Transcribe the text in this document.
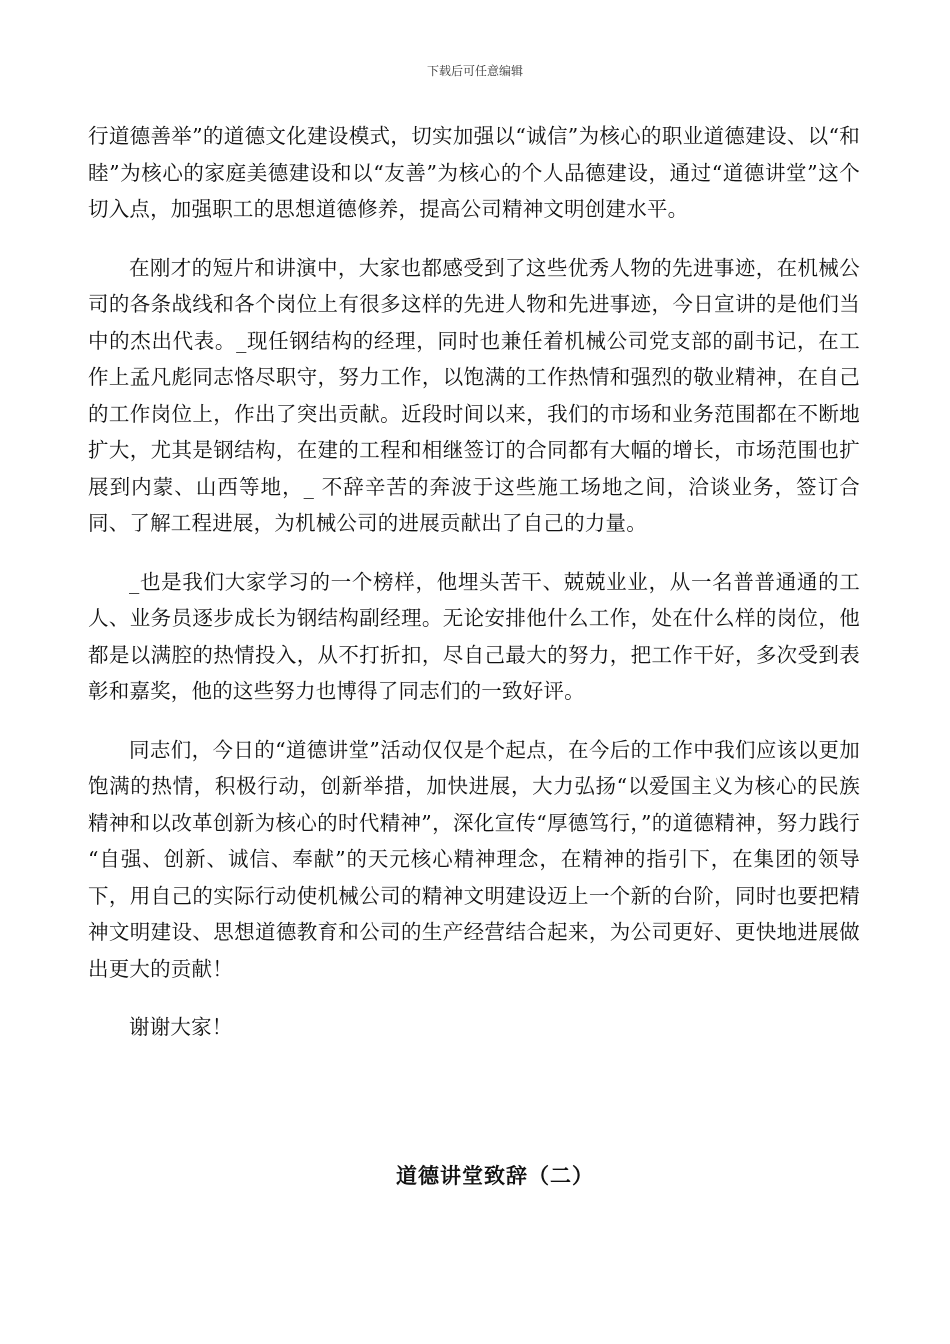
下载后可任意编辑

行道德善举”的道德文化建设模式，切实加强以“诚信”为核心的职业道德建设、以“和睦”为核心的家庭美德建设和以“友善”为核心的个人品德建设，通过“道德讲堂”这个切入点，加强职工的思想道德修养，提高公司精神文明创建水平。

在刚才的短片和讲演中，大家也都感受到了这些优秀人物的先进事迹，在机械公司的各条战线和各个岗位上有很多这样的先进人物和先进事迹，今日宣讲的是他们当中的杰出代表。_现任钢结构的经理，同时也兼任着机械公司党支部的副书记，在工作上孟凡彪同志恪尽职守，努力工作，以饱满的工作热情和强烈的敬业精神，在自己的工作岗位上，作出了突出贡献。近段时间以来，我们的市场和业务范围都在不断地扩大，尤其是钢结构，在建的工程和相继签订的合同都有大幅的增长，市场范围也扩展到内蒙、山西等地，_ 不辞辛苦的奔波于这些施工场地之间，洽谈业务，签订合同、了解工程进展，为机械公司的进展贡献出了自己的力量。

_也是我们大家学习的一个榜样，他埋头苦干、兢兢业业，从一名普普通通的工人、业务员逐步成长为钢结构副经理。无论安排他什么工作，处在什么样的岗位，他都是以满腔的热情投入，从不打折扣，尽自己最大的努力，把工作干好，多次受到表彰和嘉奖，他的这些努力也博得了同志们的一致好评。

同志们，今日的“道德讲堂”活动仅仅是个起点，在今后的工作中我们应该以更加饱满的热情，积极行动，创新举措，加快进展，大力弘扬“以爱国主义为核心的民族精神和以改革创新为核心的时代精神”，深化宣传“厚德笃行，”的道德精神，努力践行 “自强、创新、诚信、奉献”的天元核心精神理念，在精神的指引下，在集团的领导下，用自己的实际行动使机械公司的精神文明建设迈上一个新的台阶，同时也要把精神文明建设、思想道德教育和公司的生产经营结合起来，为公司更好、更快地进展做出更大的贡献！

谢谢大家！

道德讲堂致辞（二）
